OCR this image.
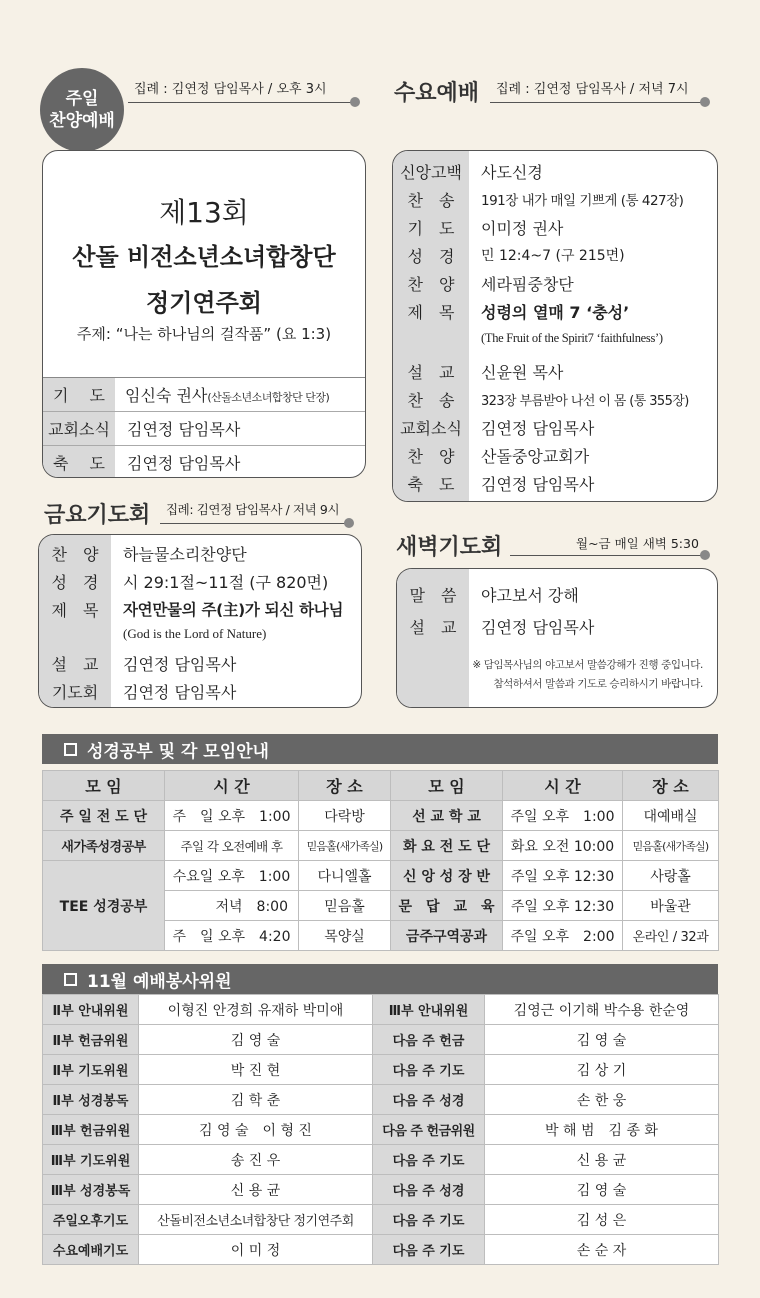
주일
찬양예배
집례 : 김연정 담임목사 / 오후 3시
제13회
산돌 비전소년소녀합창단
정기연주회
주제: “나는 하나님의 걸작품” (요 1:3)
기　 도	임신숙 권사(산돌소년소녀합창단 단장)
교회소식	김연정 담임목사
축　 도	김연정 담임목사
수요예배 집례 : 김연정 담임목사 / 저녁 7시
신앙고백	사도신경
찬　송	191장 내가 매일 기쁘게 (통 427장)
기　도	이미정 권사
성　경	민 12:4~7 (구 215면)
찬　양	세라핌중창단
제　목	성령의 열매 7 ‘충성’
(The Fruit of the Spirit7 ‘faithfulness’)
설　교	신윤원 목사
찬　송	323장 부름받아 나선 이 몸 (통 355장)
교회소식	김연정 담임목사
찬　양	산돌중앙교회가
축　도	김연정 담임목사
금요기도회 집례: 김연정 담임목사 / 저녁 9시
찬　양	하늘물소리찬양단
성　경	시 29:1절~11절 (구 820면)
제　목	자연만물의 주(主)가 되신 하나님
(God is the Lord of Nature)
설　교	김연정 담임목사
기도회	김연정 담임목사
새벽기도회	월~금 매일 새벽 5:30
말　씀	야고보서 강해
설　교	김연정 담임목사
※ 담임목사님의 야고보서 말씀강해가 진행 중입니다.
참석하셔서 말씀과 기도로 승리하시기 바랍니다.
성경공부 및 각 모임안내
모 임	시 간	장 소	모 임	시 간	장 소
주 일 전 도 단	주　일 오후　1:00	다락방	선 교 학 교	주일 오후　1:00	대예배실
새가족성경공부	주일 각 오전예배 후	믿음홀(새가족실)	화 요 전 도 단	화요 오전 10:00	믿음홀(새가족실)
TEE 성경공부	수요일 오후　1:00	다니엘홀	신 앙 성 장 반	주일 오후 12:30	사랑홀
	저녁　8:00	믿음홀	문　답　교　육	주일 오후 12:30	바울관
	주　일 오후　4:20	목양실	금주구역공과	주일 오후　2:00	온라인 / 32과
11월 예배봉사위원
Ⅱ부 안내위원	이형진 안경희 유재하 박미애	Ⅲ부 안내위원	김영근 이기해 박수용 한순영
Ⅱ부 헌금위원	김 영 술	다음 주 헌금	김 영 술
Ⅱ부 기도위원	박 진 현	다음 주 기도	김 상 기
Ⅱ부 성경봉독	김 학 춘	다음 주 성경	손 한 웅
Ⅲ부 헌금위원	김 영 술　이 형 진	다음 주 헌금위원	박 해 범　김 종 화
Ⅲ부 기도위원	송 진 우	다음 주 기도	신 용 균
Ⅲ부 성경봉독	신 용 균	다음 주 성경	김 영 술
주일오후기도	산돌비전소년소녀합창단 정기연주회	다음 주 기도	김 성 은
수요예배기도	이 미 정	다음 주 기도	손 순 자
